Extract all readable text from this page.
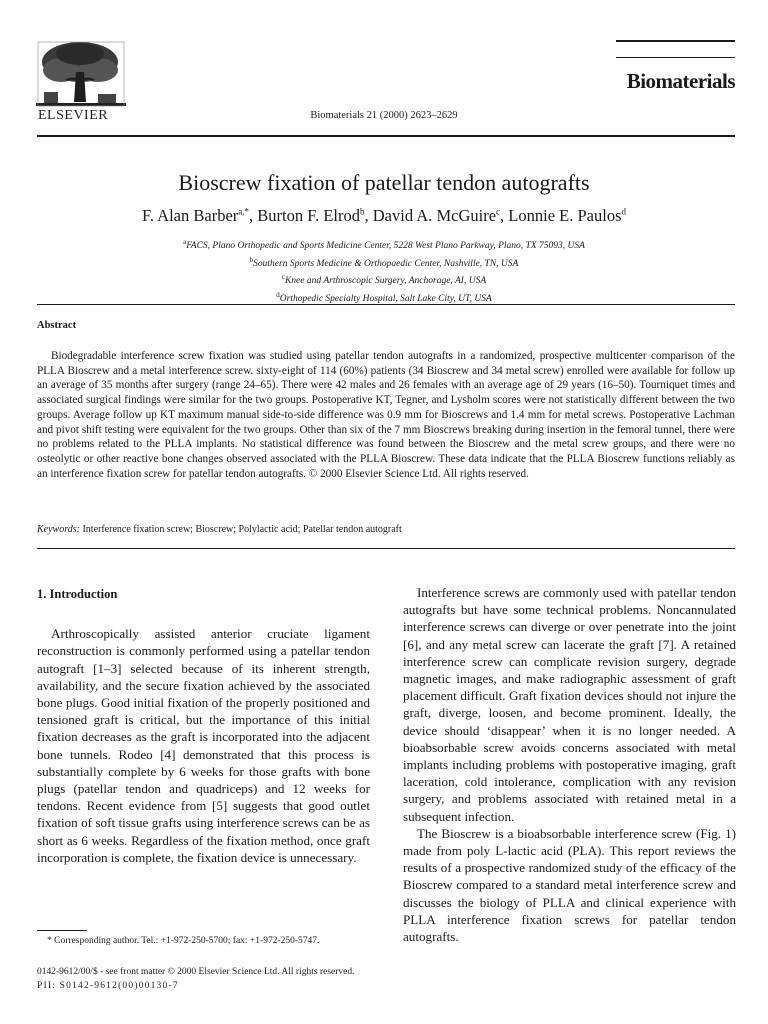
ELSEVIER	Biomaterials 21 (2000) 2623–2629
Biomaterials
Bioscrew fixation of patellar tendon autografts
F. Alan Barber$^{a,*}$, Burton F. Elrod$^b$, David A. McGuire$^c$, Lonnie E. Paulos$^d$
$^a$FACS, Plano Orthopedic and Sports Medicine Center, 5228 West Plano Parkway, Plano, TX 75093, USA
$^b$Southern Sports Medicine & Orthopaedic Center, Nashville, TN, USA
$^c$Knee and Arthroscopic Surgery, Anchorage, AI, USA
$^d$Orthopedic Specialty Hospital, Salt Lake City, UT, USA
Abstract
Biodegradable interference screw fixation was studied using patellar tendon autografts in a randomized, prospective multicenter comparison of the PLLA Bioscrew and a metal interference screw. sixty-eight of 114 (60%) patients (34 Bioscrew and 34 metal screw) enrolled were available for follow up an average of 35 months after surgery (range 24–65). There were 42 males and 26 females with an average age of 29 years (16–50). Tourniquet times and associated surgical findings were similar for the two groups. Postoperative KT, Tegner, and Lysholm scores were not statistically different between the two groups. Average follow up KT maximum manual side-to-side difference was 0.9 mm for Bioscrews and 1.4 mm for metal screws. Postoperative Lachman and pivot shift testing were equivalent for the two groups. Other than six of the 7 mm Bioscrews breaking during insertion in the femoral tunnel, there were no problems related to the PLLA implants. No statistical difference was found between the Bioscrew and the metal screw groups, and there were no osteolytic or other reactive bone changes observed associated with the PLLA Bioscrew. These data indicate that the PLLA Bioscrew functions reliably as an interference fixation screw for patellar tendon autografts. © 2000 Elsevier Science Ltd. All rights reserved.
Keywords: Interference fixation screw; Bioscrew; Polylactic acid; Patellar tendon autograft

1. Introduction

Arthroscopically assisted anterior cruciate ligament reconstruction is commonly performed using a patellar tendon autograft [1–3] selected because of its inherent strength, availability, and the secure fixation achieved by the associated bone plugs. Good initial fixation of the properly positioned and tensioned graft is critical, but the importance of this initial fixation decreases as the graft is incorporated into the adjacent bone tunnels. Rodeo [4] demonstrated that this process is substantially complete by 6 weeks for those grafts with bone plugs (patellar tendon and quadriceps) and 12 weeks for tendons. Recent evidence from [5] suggests that good outlet fixation of soft tissue grafts using interference screws can be as short as 6 weeks. Regardless of the fixation method, once graft incorporation is complete, the fixation device is unnecessary.

Interference screws are commonly used with patellar tendon autografts but have some technical problems. Noncannulated interference screws can diverge or over penetrate into the joint [6], and any metal screw can lacerate the graft [7]. A retained interference screw can complicate revision surgery, degrade magnetic images, and make radiographic assessment of graft placement difficult. Graft fixation devices should not injure the graft, diverge, loosen, and become prominent. Ideally, the device should ‘disappear’ when it is no longer needed. A bioabsorbable screw avoids concerns associated with metal implants including problems with postoperative imaging, graft laceration, cold intolerance, complication with any revision surgery, and problems associated with retained metal in a subsequent infection.

The Bioscrew is a bioabsorbable interference screw (Fig. 1) made from poly L-lactic acid (PLA). This report reviews the results of a prospective randomized study of the efficacy of the Bioscrew compared to a standard metal interference screw and discusses the biology of PLLA and clinical experience with PLLA interference fixation screws for patellar tendon autografts.

* Corresponding author. Tel.: +1-972-250-5700; fax: +1-972-250-5747.
0142-9612/00/$ - see front matter © 2000 Elsevier Science Ltd. All rights reserved.
PII: S0142-9612(00)00130-7
